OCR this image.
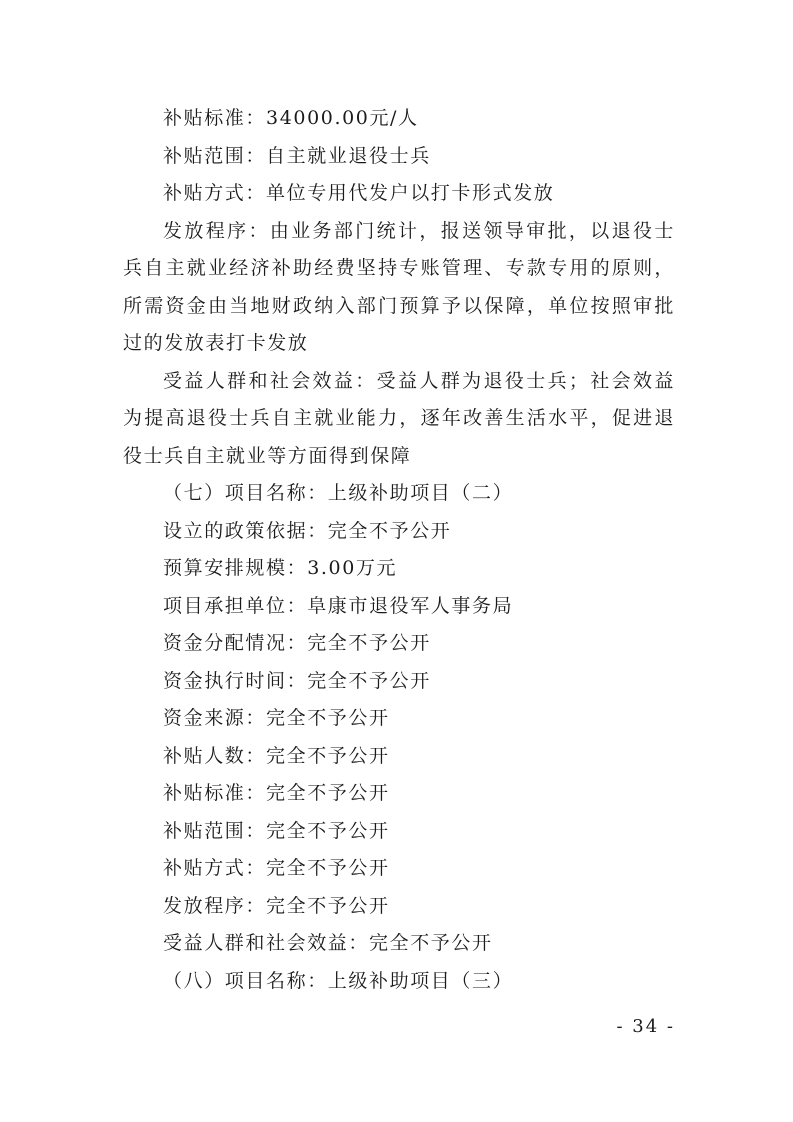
补贴标准：34000.00元/人

补贴范围：自主就业退役士兵

补贴方式：单位专用代发户以打卡形式发放

发放程序：由业务部门统计，报送领导审批，以退役士兵自主就业经济补助经费坚持专账管理、专款专用的原则，所需资金由当地财政纳入部门预算予以保障，单位按照审批过的发放表打卡发放

受益人群和社会效益：受益人群为退役士兵；社会效益为提高退役士兵自主就业能力，逐年改善生活水平，促进退役士兵自主就业等方面得到保障

（七）项目名称：上级补助项目（二）

设立的政策依据：完全不予公开

预算安排规模：3.00万元

项目承担单位：阜康市退役军人事务局

资金分配情况：完全不予公开

资金执行时间：完全不予公开

资金来源：完全不予公开

补贴人数：完全不予公开

补贴标准：完全不予公开

补贴范围：完全不予公开

补贴方式：完全不予公开

发放程序：完全不予公开

受益人群和社会效益：完全不予公开

（八）项目名称：上级补助项目（三）

- 34 -
